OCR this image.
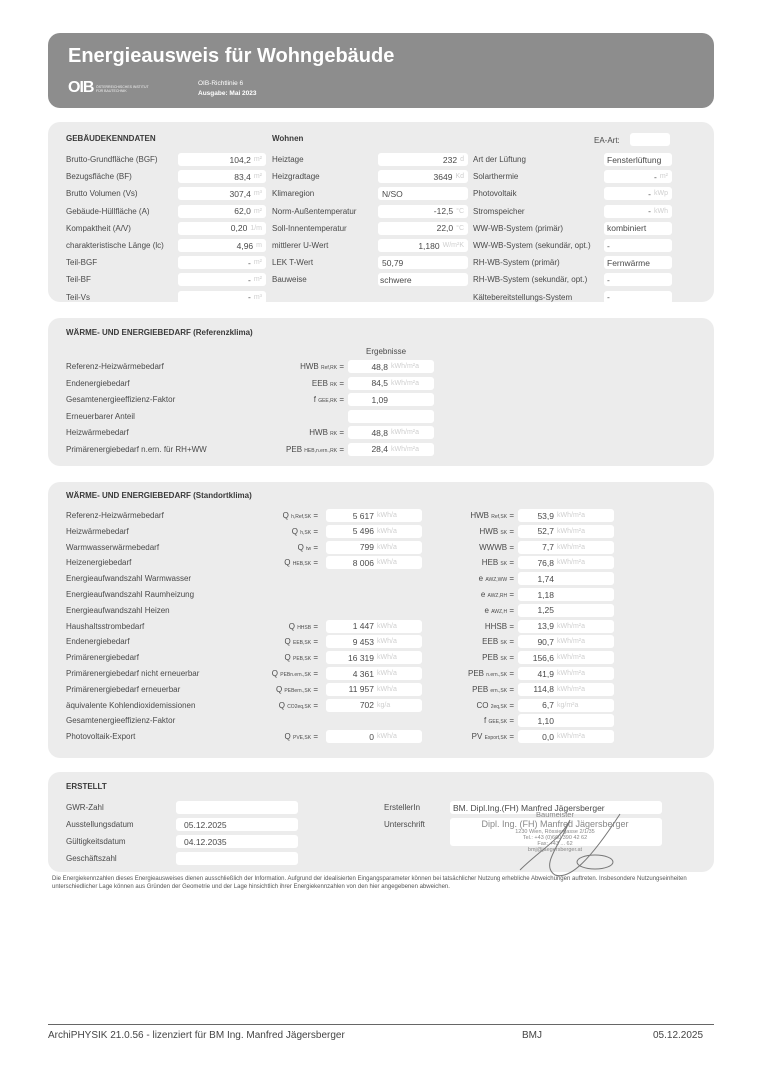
Energieausweis für Wohngebäude
OIB ÖSTERREICHISCHES INSTITUT FÜR BAUTECHNIK
OIB-Richtlinie 6
Ausgabe: Mai 2023
GEBÄUDEKENNDATEN
Brutto-Grundfläche (BGF)	104,2 m²
Bezugsfläche (BF)	83,4 m²
Brutto Volumen (Vs)	307,4 m³
Gebäude-Hüllfläche (A)	62,0 m²
Kompaktheit (A/V)	0,20 1/m
charakteristische Länge (lc)	4,96 m
Teil-BGF	- m²
Teil-BF	- m²
Teil-Vs	- m³
Wohnen
Heiztage	232 d
Heizgradtage	3649 Kd
Klimaregion	N/SO
Norm-Außentemperatur	-12,5 °C
Soll-Innentemperatur	22,0 °C
mittlerer U-Wert	1,180 W/m²K
LEK T-Wert	50,79
Bauweise	schwere
EA-Art:
Art der Lüftung	Fensterlüftung
Solarthermie	- m²
Photovoltaik	- kWp
Stromspeicher	- kWh
WW-WB-System (primär)	kombiniert
WW-WB-System (sekundär, opt.) -
RH-WB-System (primär)	Fernwärme
RH-WB-System (sekundär, opt.) -
Kältebereitstellungs-System	-
WÄRME- UND ENERGIEBEDARF (Referenzklima)
Ergebnisse
Referenz-Heizwärmebedarf	HWB Ref,RK =	48,8 kWh/m²a
Endenergiebedarf	EEB RK =	84,5 kWh/m²a
Gesamtenergieeffizienz-Faktor	f GEE,RK =	1,09
Erneuerbarer Anteil
Heizwärmebedarf	HWB RK =	48,8 kWh/m²a
Primärenergiebedarf n.ern. für RH+WW	PEB HEB,n.ern.,RK =	28,4 kWh/m²a
WÄRME- UND ENERGIEBEDARF (Standortklima)
Referenz-Heizwärmebedarf	Q h,Ref,SK =	5 617 kWh/a	HWB Ref,SK =	53,9 kWh/m²a
Heizwärmebedarf	Q h,SK =	5 496 kWh/a	HWB SK =	52,7 kWh/m²a
Warmwasserwärmebedarf	Q tw =	799 kWh/a	WWWB =	7,7 kWh/m²a
Heizenergiebedarf	Q HEB,SK =	8 006 kWh/a	HEB SK =	76,8 kWh/m²a
Energieaufwandszahl Warmwasser	e AWZ,WW =	1,74
Energieaufwandszahl Raumheizung	e AWZ,RH =	1,18
Energieaufwandszahl Heizen	e AWZ,H =	1,25
Haushaltsstrombedarf	Q HHSB =	1 447 kWh/a	HHSB =	13,9 kWh/m²a
Endenergiebedarf	Q EEB,SK =	9 453 kWh/a	EEB SK =	90,7 kWh/m²a
Primärenergiebedarf	Q PEB,SK =	16 319 kWh/a	PEB SK =	156,6 kWh/m²a
Primärenergiebedarf nicht erneuerbar	Q PEBn.ern.,SK =	4 361 kWh/a	PEB n.ern.,SK =	41,9 kWh/m²a
Primärenergiebedarf erneuerbar	Q PEBern.,SK =	11 957 kWh/a	PEB ern.,SK =	114,8 kWh/m²a
äquivalente Kohlendioxidemissionen	Q CO2eq,SK =	702 kg/a	CO 2eq,SK =	6,7 kg/m²a
Gesamtenergieeffizienz-Faktor	f GEE,SK =	1,10
Photovoltaik-Export	Q PVE,SK =	0 kWh/a	PV Export,SK =	0,0 kWh/m²a
ERSTELLT
GWR-Zahl
Ausstellungsdatum	05.12.2025
Gültigkeitsdatum	04.12.2035
Geschäftszahl
ErstellerIn	BM. Dipl.Ing.(FH) Manfred Jägersberger
Unterschrift
Baumeister
Dipl. Ing. (FH) Manfred Jägersberger
1230 Wien, Rössiergasse 2/1/35
Tel.: +43 (0)660 390 42 62
Fax: +43 ... 62
bmj@jaegersberger.at
Die Energiekennzahlen dieses Energieausweises dienen ausschließlich der Information. Aufgrund der idealisierten Eingangsparameter können bei tatsächlicher Nutzung erhebliche Abweichungen auftreten. Insbesondere Nutzungseinheiten unterschiedlicher Lage können aus Gründen der Geometrie und der Lage hinsichtlich ihrer Energiekennzahlen von den hier angegebenen abweichen.
ArchiPHYSIK 21.0.56 - lizenziert für BM Ing. Manfred Jägersberger	BMJ	05.12.2025
